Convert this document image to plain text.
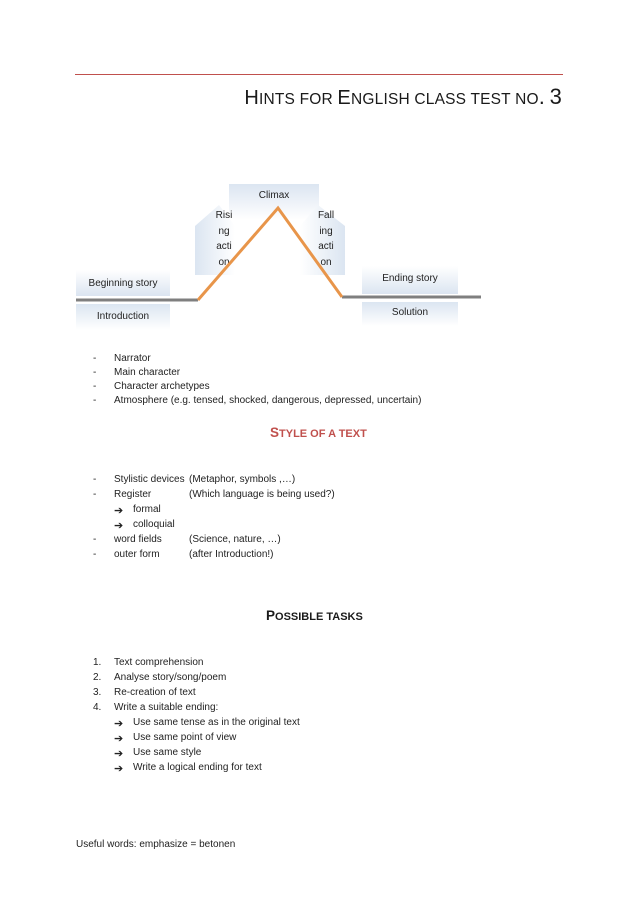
HINTS FOR ENGLISH CLASS TEST NO. 3
Climax
Risi
ng
acti
on
Fall
ing
acti
on
Beginning story
Introduction
Ending story
Solution
- Narrator
- Main character
- Character archetypes
- Atmosphere (e.g. tensed, shocked, dangerous, depressed, uncertain)
STYLE OF A TEXT
- Stylistic devices (Metaphor, symbols ,…)
- Register	(Which language is being used?)
➔ formal
➔ colloquial
- word fields	(Science, nature, …)
- outer form	(after Introduction!)
POSSIBLE TASKS
1. Text comprehension
2. Analyse story/song/poem
3. Re-creation of text
4. Write a suitable ending:
➔ Use same tense as in the original text
➔ Use same point of view
➔ Use same style
➔ Write a logical ending for text
Useful words: emphasize = betonen
